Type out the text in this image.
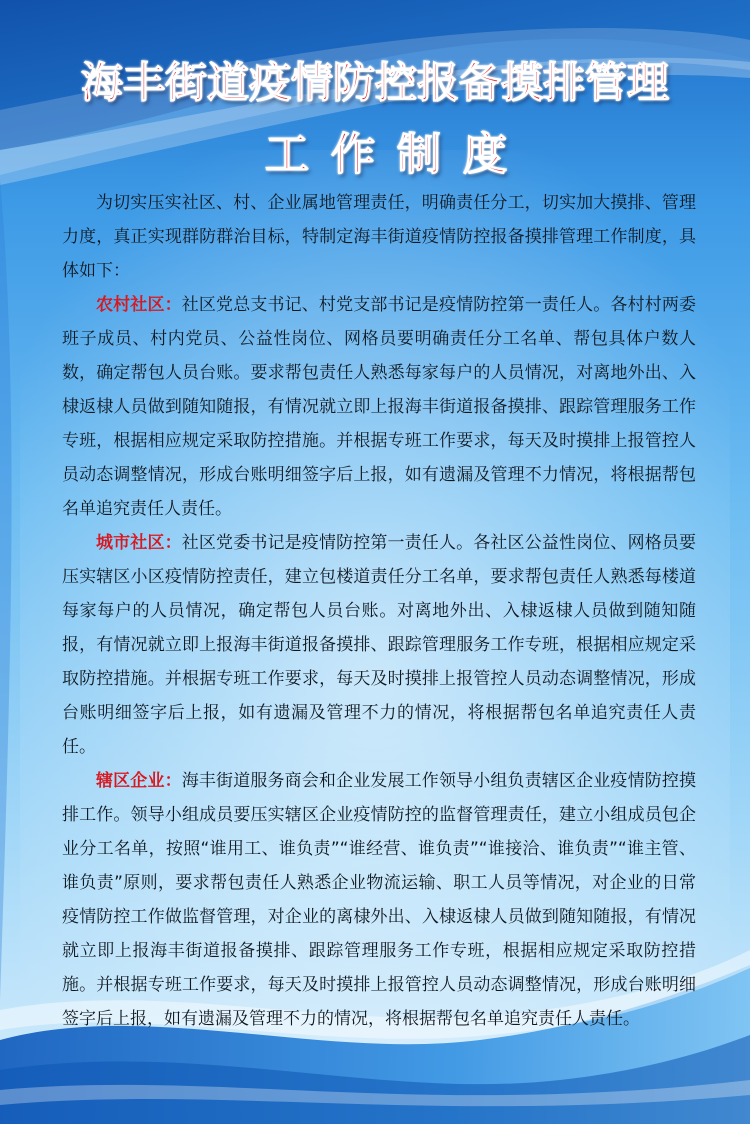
海丰街道疫情防控报备摸排管理
工作制度

为切实压实社区、村、企业属地管理责任，明确责任分工，切实加大摸排、管理力度，真正实现群防群治目标，特制定海丰街道疫情防控报备摸排管理工作制度，具体如下：

农村社区：社区党总支书记、村党支部书记是疫情防控第一责任人。各村村两委班子成员、村内党员、公益性岗位、网格员要明确责任分工名单、帮包具体户数人数，确定帮包人员台账。要求帮包责任人熟悉每家每户的人员情况，对离地外出、入棣返棣人员做到随知随报，有情况就立即上报海丰街道报备摸排、跟踪管理服务工作专班，根据相应规定采取防控措施。并根据专班工作要求，每天及时摸排上报管控人员动态调整情况，形成台账明细签字后上报，如有遗漏及管理不力情况，将根据帮包名单追究责任人责任。

城市社区：社区党委书记是疫情防控第一责任人。各社区公益性岗位、网格员要压实辖区小区疫情防控责任，建立包楼道责任分工名单，要求帮包责任人熟悉每楼道每家每户的人员情况，确定帮包人员台账。对离地外出、入棣返棣人员做到随知随报，有情况就立即上报海丰街道报备摸排、跟踪管理服务工作专班，根据相应规定采取防控措施。并根据专班工作要求，每天及时摸排上报管控人员动态调整情况，形成台账明细签字后上报，如有遗漏及管理不力的情况，将根据帮包名单追究责任人责任。

辖区企业：海丰街道服务商会和企业发展工作领导小组负责辖区企业疫情防控摸排工作。领导小组成员要压实辖区企业疫情防控的监督管理责任，建立小组成员包企业分工名单，按照“谁用工、谁负责”“谁经营、谁负责”“谁接洽、谁负责”“谁主管、谁负责”原则，要求帮包责任人熟悉企业物流运输、职工人员等情况，对企业的日常疫情防控工作做监督管理，对企业的离棣外出、入棣返棣人员做到随知随报，有情况就立即上报海丰街道报备摸排、跟踪管理服务工作专班，根据相应规定采取防控措施。并根据专班工作要求，每天及时摸排上报管控人员动态调整情况，形成台账明细签字后上报，如有遗漏及管理不力的情况，将根据帮包名单追究责任人责任。
